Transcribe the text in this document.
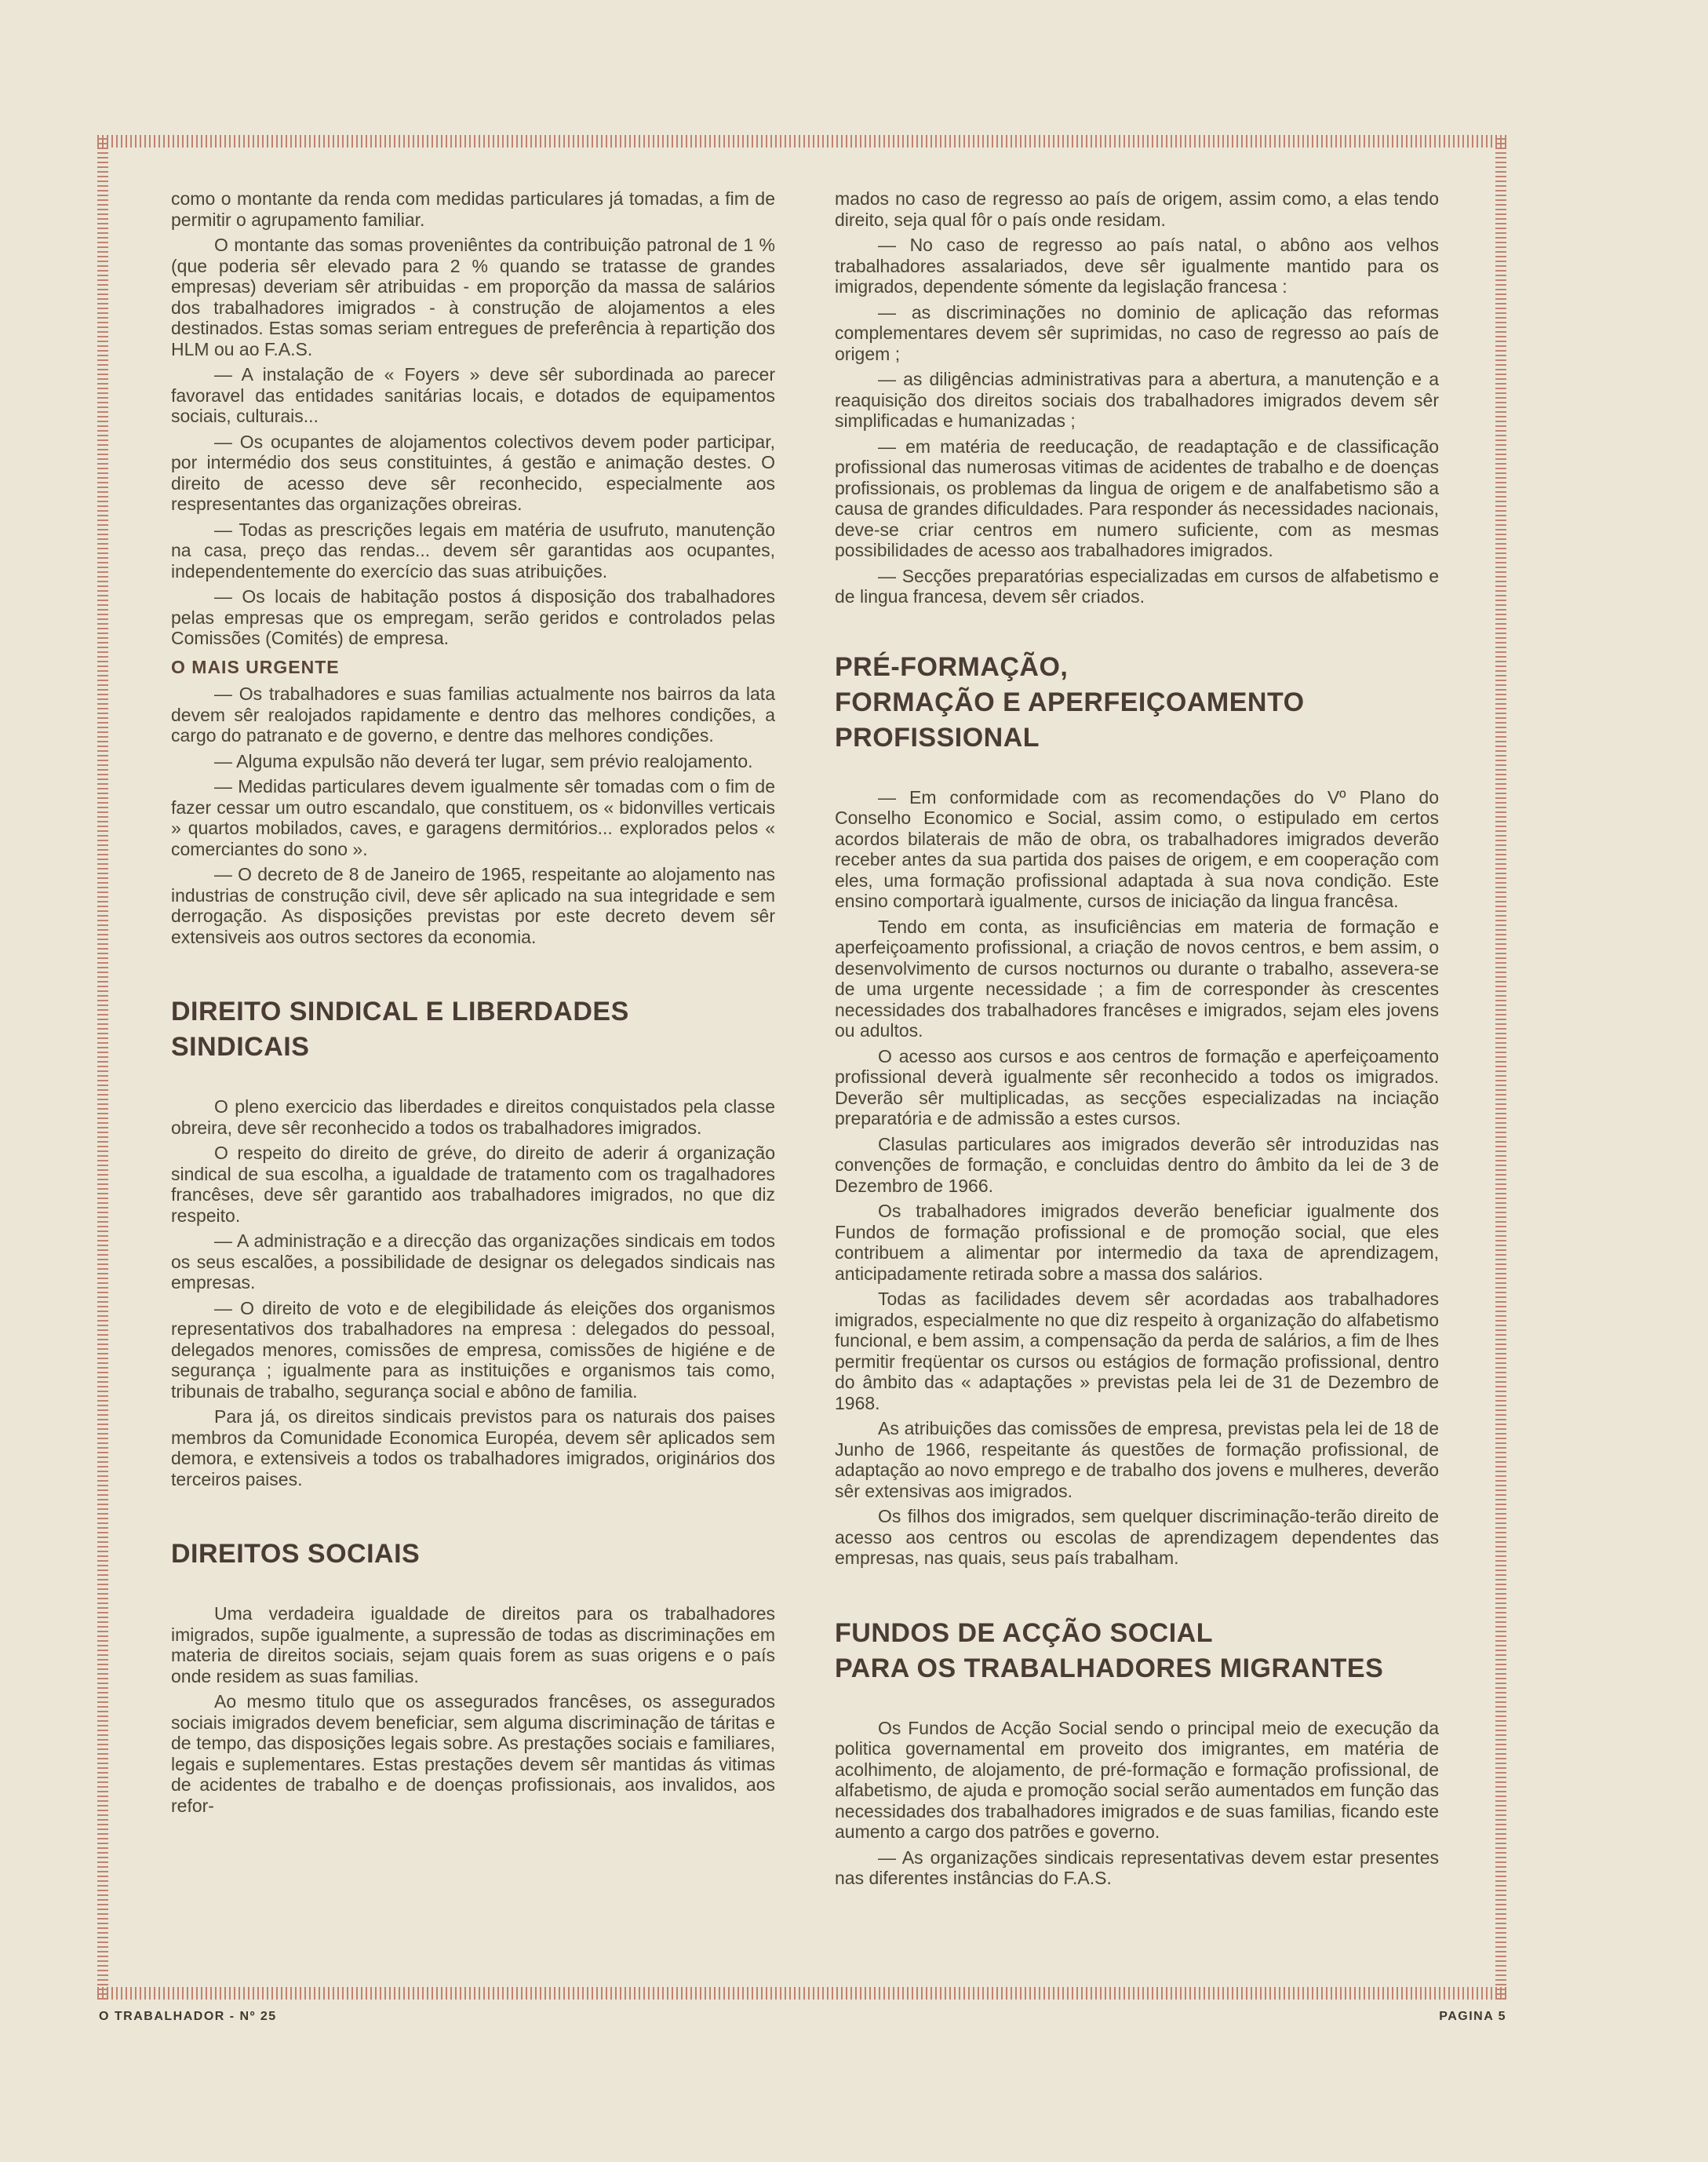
como o montante da renda com medidas particulares já tomadas, a fim de permitir o agrupamento familiar.

O montante das somas proveniêntes da contribuição patronal de 1 % (que poderia sêr elevado para 2 % quando se tratasse de grandes empresas) deveriam sêr atribuidas - em proporção da massa de salários dos trabalhadores imigrados - à construção de alojamentos a eles destinados. Estas somas seriam entregues de preferência à repartição dos HLM ou ao F.A.S.

— A instalação de « Foyers » deve sêr subordinada ao parecer favoravel das entidades sanitárias locais, e dotados de equipamentos sociais, culturais...

— Os ocupantes de alojamentos colectivos devem poder participar, por intermédio dos seus constituintes, á gestão e animação destes. O direito de acesso deve sêr reconhecido, especialmente aos respresentantes das organizações obreiras.

— Todas as prescrições legais em matéria de usufruto, manutenção na casa, preço das rendas... devem sêr garantidas aos ocupantes, independentemente do exercício das suas atribuições.

— Os locais de habitação postos á disposição dos trabalhadores pelas empresas que os empregam, serão geridos e controlados pelas Comissões (Comités) de empresa.

O MAIS URGENTE

— Os trabalhadores e suas familias actualmente nos bairros da lata devem sêr realojados rapidamente e dentro das melhores condições, a cargo do patranato e de governo, e dentre das melhores condições.

— Alguma expulsão não deverá ter lugar, sem prévio realojamento.

— Medidas particulares devem igualmente sêr tomadas com o fim de fazer cessar um outro escandalo, que constituem, os « bidonvilles verticais » quartos mobilados, caves, e garagens dermitórios... explorados pelos « comerciantes do sono ».

— O decreto de 8 de Janeiro de 1965, respeitante ao alojamento nas industrias de construção civil, deve sêr aplicado na sua integridade e sem derrogação. As disposições previstas por este decreto devem sêr extensiveis aos outros sectores da economia.

DIREITO SINDICAL E LIBERDADES
SINDICAIS

O pleno exercicio das liberdades e direitos conquistados pela classe obreira, deve sêr reconhecido a todos os trabalhadores imigrados.

O respeito do direito de gréve, do direito de aderir á organização sindical de sua escolha, a igualdade de tratamento com os tragalhadores francêses, deve sêr garantido aos trabalhadores imigrados, no que diz respeito.

— A administração e a direcção das organizações sindicais em todos os seus escalões, a possibilidade de designar os delegados sindicais nas empresas.

— O direito de voto e de elegibilidade ás eleições dos organismos representativos dos trabalhadores na empresa : delegados do pessoal, delegados menores, comissões de empresa, comissões de higiéne e de segurança ; igualmente para as instituições e organismos tais como, tribunais de trabalho, segurança social e abôno de familia.

Para já, os direitos sindicais previstos para os naturais dos paises membros da Comunidade Economica Européa, devem sêr aplicados sem demora, e extensiveis a todos os trabalhadores imigrados, originários dos terceiros paises.

DIREITOS SOCIAIS

Uma verdadeira igualdade de direitos para os trabalhadores imigrados, supõe igualmente, a supressão de todas as discriminações em materia de direitos sociais, sejam quais forem as suas origens e o país onde residem as suas familias.

Ao mesmo titulo que os assegurados francêses, os assegurados sociais imigrados devem beneficiar, sem alguma discriminação de táritas e de tempo, das disposições legais sobre. As prestações sociais e familiares, legais e suplementares. Estas prestações devem sêr mantidas ás vitimas de acidentes de trabalho e de doenças profissionais, aos invalidos, aos refor-

mados no caso de regresso ao país de origem, assim como, a elas tendo direito, seja qual fôr o país onde residam.

— No caso de regresso ao país natal, o abôno aos velhos trabalhadores assalariados, deve sêr igualmente mantido para os imigrados, dependente sómente da legislação francesa :

— as discriminações no dominio de aplicação das reformas complementares devem sêr suprimidas, no caso de regresso ao país de origem ;

— as diligências administrativas para a abertura, a manutenção e a reaquisição dos direitos sociais dos trabalhadores imigrados devem sêr simplificadas e humanizadas ;

— em matéria de reeducação, de readaptação e de classificação profissional das numerosas vitimas de acidentes de trabalho e de doenças profissionais, os problemas da lingua de origem e de analfabetismo são a causa de grandes dificuldades. Para responder ás necessidades nacionais, deve-se criar centros em numero suficiente, com as mesmas possibilidades de acesso aos trabalhadores imigrados.

— Secções preparatórias especializadas em cursos de alfabetismo e de lingua francesa, devem sêr criados.

PRÉ-FORMAÇÃO,
FORMAÇÃO E APERFEIÇOAMENTO
PROFISSIONAL

— Em conformidade com as recomendações do Vº Plano do Conselho Economico e Social, assim como, o estipulado em certos acordos bilaterais de mão de obra, os trabalhadores imigrados deverão receber antes da sua partida dos paises de origem, e em cooperação com eles, uma formação profissional adaptada à sua nova condição. Este ensino comportarà igualmente, cursos de iniciação da lingua francêsa.

Tendo em conta, as insuficiências em materia de formação e aperfeiçoamento profissional, a criação de novos centros, e bem assim, o desenvolvimento de cursos nocturnos ou durante o trabalho, assevera-se de uma urgente necessidade ; a fim de corresponder às crescentes necessidades dos trabalhadores francêses e imigrados, sejam eles jovens ou adultos.

O acesso aos cursos e aos centros de formação e aperfeiçoamento profissional deverà igualmente sêr reconhecido a todos os imigrados. Deverão sêr multiplicadas, as secções especializadas na inciação preparatória e de admissão a estes cursos.

Clasulas particulares aos imigrados deverão sêr introduzidas nas convenções de formação, e concluidas dentro do âmbito da lei de 3 de Dezembro de 1966.

Os trabalhadores imigrados deverão beneficiar igualmente dos Fundos de formação profissional e de promoção social, que eles contribuem a alimentar por intermedio da taxa de aprendizagem, anticipadamente retirada sobre a massa dos salários.

Todas as facilidades devem sêr acordadas aos trabalhadores imigrados, especialmente no que diz respeito à organização do alfabetismo funcional, e bem assim, a compensação da perda de salários, a fim de lhes permitir freqüentar os cursos ou estágios de formação profissional, dentro do âmbito das « adaptações » previstas pela lei de 31 de Dezembro de 1968.

As atribuições das comissões de empresa, previstas pela lei de 18 de Junho de 1966, respeitante ás questões de formação profissional, de adaptação ao novo emprego e de trabalho dos jovens e mulheres, deverão sêr extensivas aos imigrados.

Os filhos dos imigrados, sem quelquer discriminação-terão direito de acesso aos centros ou escolas de aprendizagem dependentes das empresas, nas quais, seus país trabalham.

FUNDOS DE ACÇÃO SOCIAL
PARA OS TRABALHADORES MIGRANTES

Os Fundos de Acção Social sendo o principal meio de execução da politica governamental em proveito dos imigrantes, em matéria de acolhimento, de alojamento, de pré-formação e formação profissional, de alfabetismo, de ajuda e promoção social serão aumentados em função das necessidades dos trabalhadores imigrados e de suas familias, ficando este aumento a cargo dos patrões e governo.

— As organizações sindicais representativas devem estar presentes nas diferentes instâncias do F.A.S.

O TRABALHADOR - Nº 25	PAGINA 5
